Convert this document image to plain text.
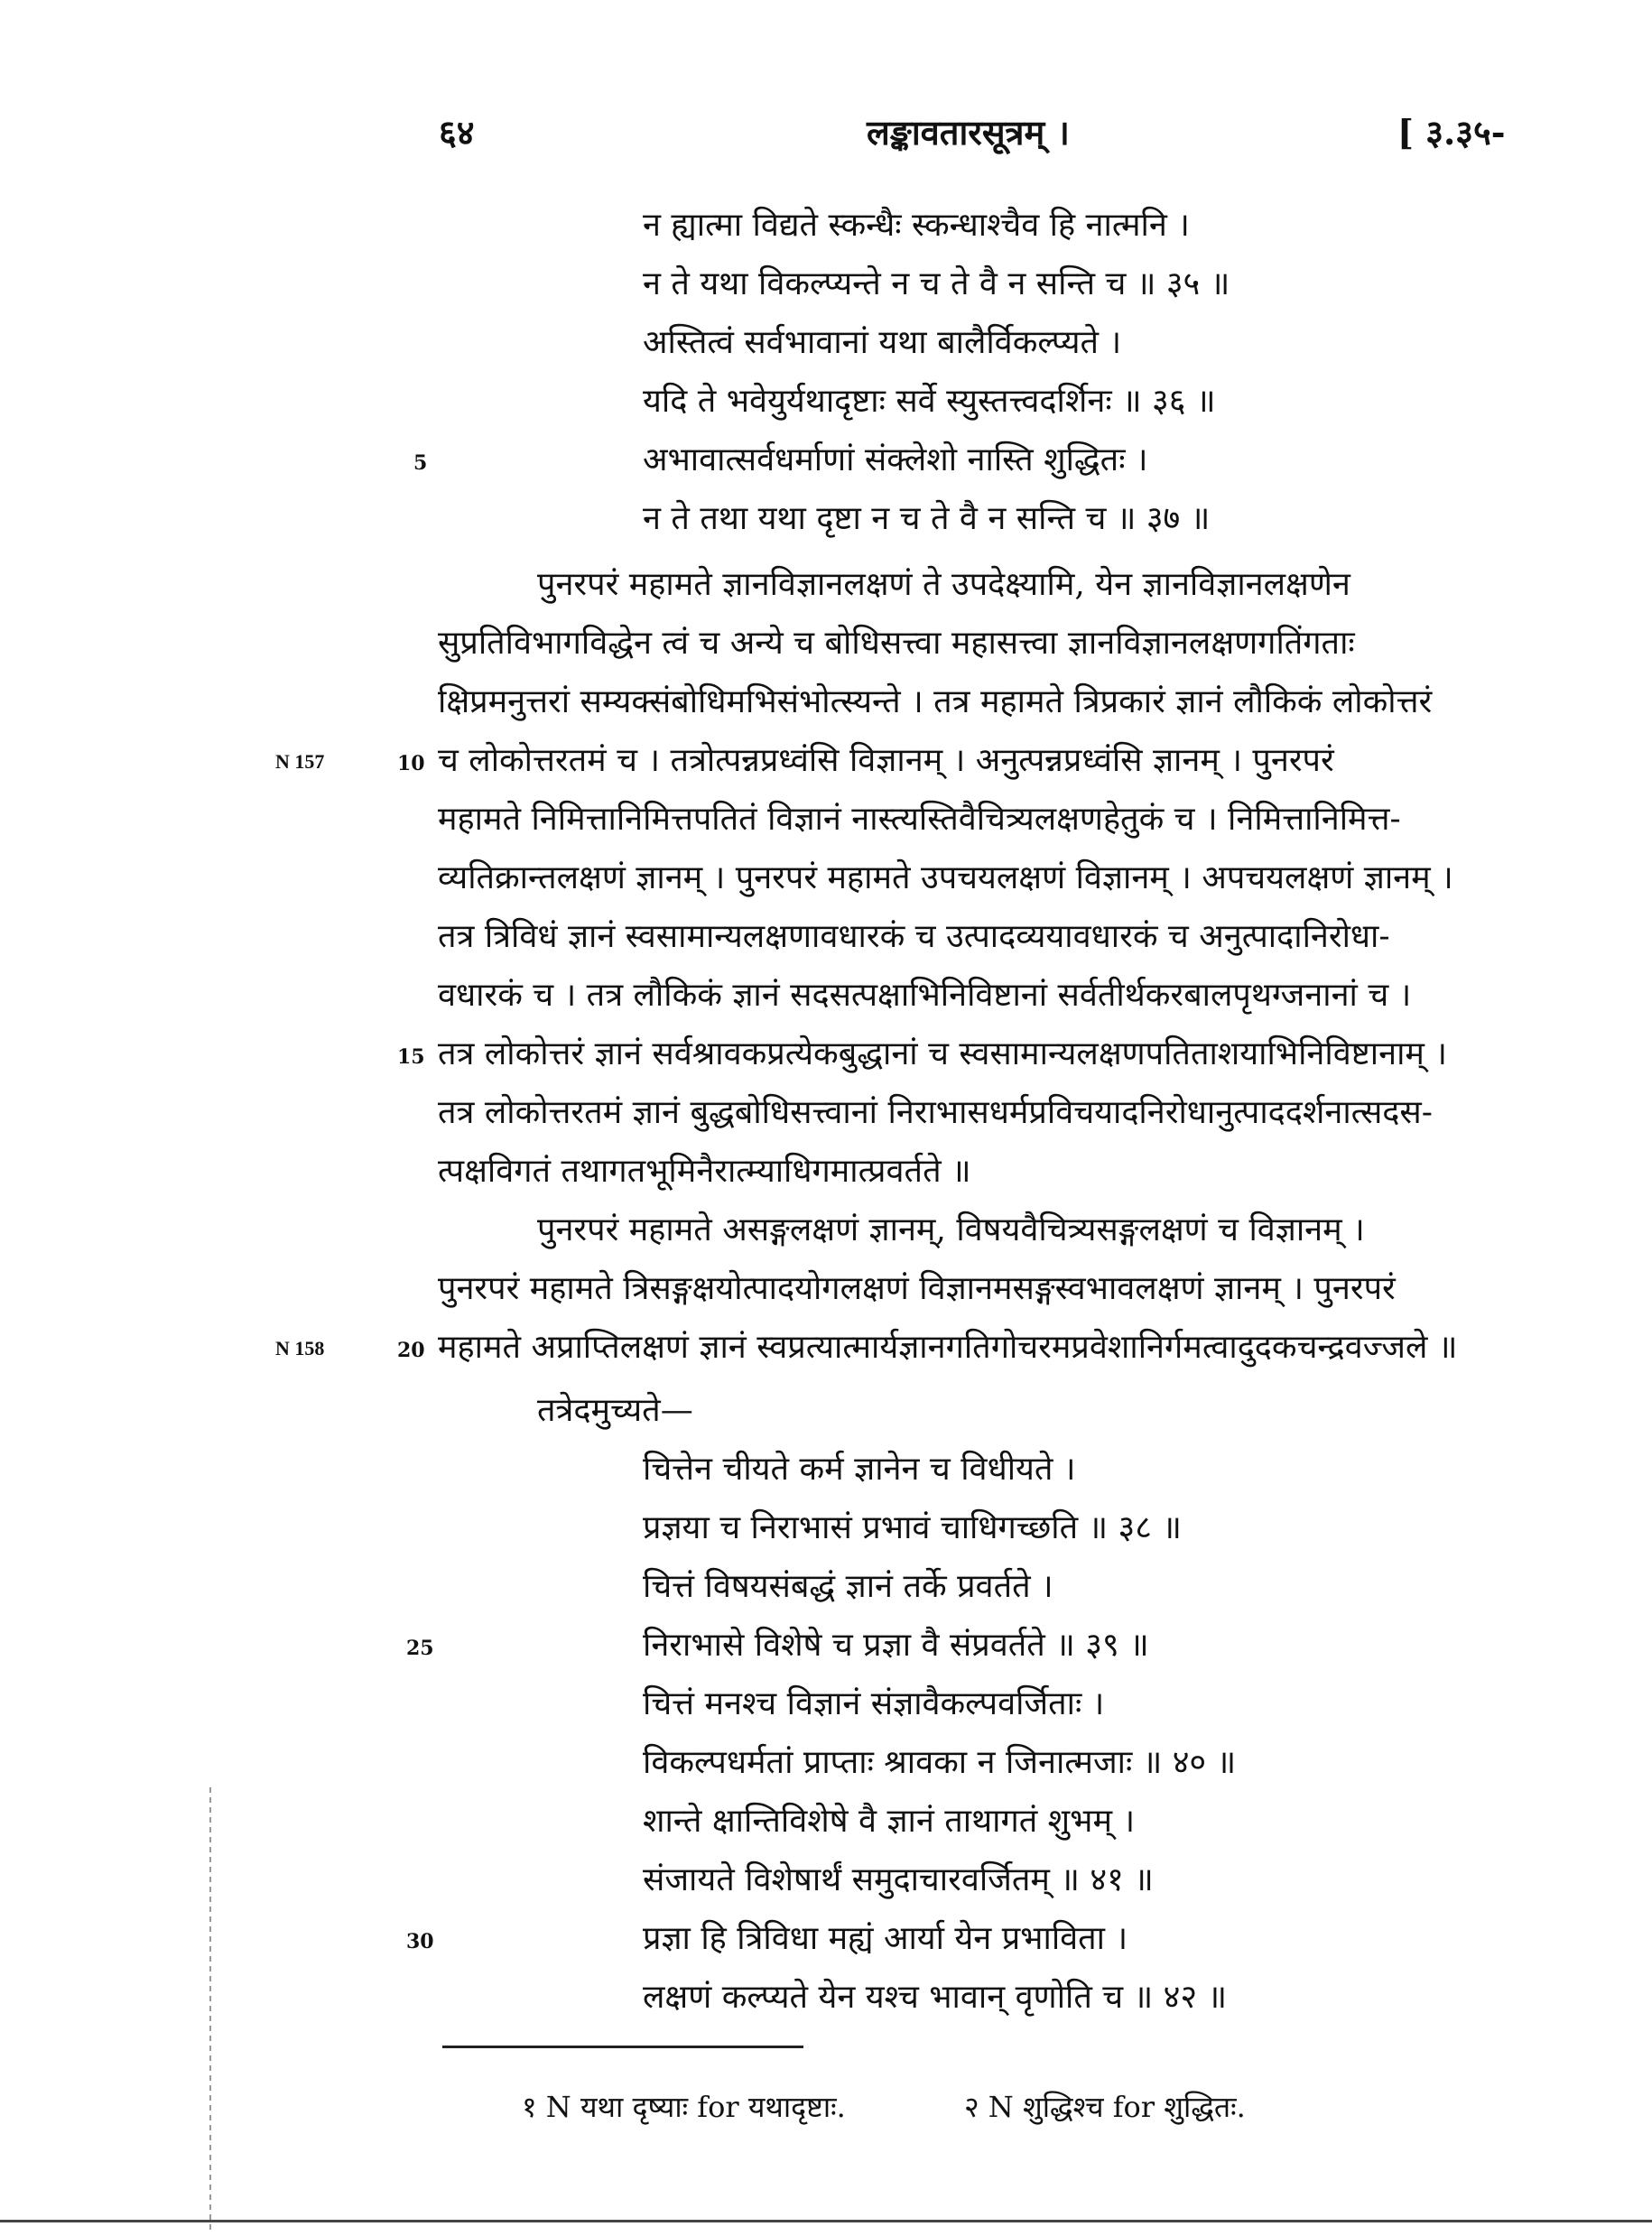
६४	लङ्कावतारसूत्रम् ।	[ ३.३५-
न ह्यात्मा विद्यते स्कन्धैः स्कन्धाश्चैव हि नात्मनि ।
न ते यथा विकल्प्यन्ते न च ते वै न सन्ति च ॥ ३५ ॥
अस्तित्वं सर्वभावानां यथा बालैर्विकल्प्यते ।
यदि ते भवेयुर्यथादृष्टाः सर्वे स्युस्तत्त्वदर्शिनः ॥ ३६ ॥
5	अभावात्सर्वधर्माणां संक्लेशो नास्ति शुद्धितः ।
न ते तथा यथा दृष्टा न च ते वै न सन्ति च ॥ ३७ ॥
पुनरपरं महामते ज्ञानविज्ञानलक्षणं ते उपदेक्ष्यामि, येन ज्ञानविज्ञानलक्षणेन
सुप्रतिविभागविद्धेन त्वं च अन्ये च बोधिसत्त्वा महासत्त्वा ज्ञानविज्ञानलक्षणगतिंगताः
क्षिप्रमनुत्तरां सम्यक्संबोधिमभिसंभोत्स्यन्ते । तत्र महामते त्रिप्रकारं ज्ञानं लौकिकं लोकोत्तरं
N 157	10 च लोकोत्तरतमं च । तत्रोत्पन्नप्रध्वंसि विज्ञानम् । अनुत्पन्नप्रध्वंसि ज्ञानम् । पुनरपरं
महामते निमित्तानिमित्तपतितं विज्ञानं नास्त्यस्तिवैचित्र्यलक्षणहेतुकं च । निमित्तानिमित्त-
व्यतिक्रान्तलक्षणं ज्ञानम् । पुनरपरं महामते उपचयलक्षणं विज्ञानम् । अपचयलक्षणं ज्ञानम् ।
तत्र त्रिविधं ज्ञानं स्वसामान्यलक्षणावधारकं च उत्पादव्ययावधारकं च अनुत्पादानिरोधा-
वधारकं च । तत्र लौकिकं ज्ञानं सदसत्पक्षाभिनिविष्टानां सर्वतीर्थकरबालपृथग्जनानां च ।
15 तत्र लोकोत्तरं ज्ञानं सर्वश्रावकप्रत्येकबुद्धानां च स्वसामान्यलक्षणपतिताशयाभिनिविष्टानाम् ।
तत्र लोकोत्तरतमं ज्ञानं बुद्धबोधिसत्त्वानां निराभासधर्मप्रविचयादनिरोधानुत्पाददर्शनात्सदस-
त्पक्षविगतं तथागतभूमिनैरात्म्याधिगमात्प्रवर्तते ॥
पुनरपरं महामते असङ्गलक्षणं ज्ञानम्, विषयवैचित्र्यसङ्गलक्षणं च विज्ञानम् ।
पुनरपरं महामते त्रिसङ्गक्षयोत्पादयोगलक्षणं विज्ञानमसङ्गस्वभावलक्षणं ज्ञानम् । पुनरपरं
N 158	20 महामते अप्राप्तिलक्षणं ज्ञानं स्वप्रत्यात्मार्यज्ञानगतिगोचरमप्रवेशानिर्गमत्वादुदकचन्द्रवज्जले ॥
तत्रेदमुच्यते—
चित्तेन चीयते कर्म ज्ञानेन च विधीयते ।
प्रज्ञया च निराभासं प्रभावं चाधिगच्छति ॥ ३८ ॥
चित्तं विषयसंबद्धं ज्ञानं तर्के प्रवर्तते ।
25	निराभासे विशेषे च प्रज्ञा वै संप्रवर्तते ॥ ३९ ॥
चित्तं मनश्च विज्ञानं संज्ञावैकल्पवर्जिताः ।
विकल्पधर्मतां प्राप्ताः श्रावका न जिनात्मजाः ॥ ४० ॥
शान्ते क्षान्तिविशेषे वै ज्ञानं ताथागतं शुभम् ।
संजायते विशेषार्थं समुदाचारवर्जितम् ॥ ४१ ॥
30	प्रज्ञा हि त्रिविधा मह्यं आर्या येन प्रभाविता ।
लक्षणं कल्प्यते येन यश्च भावान् वृणोति च ॥ ४२ ॥
१ N यथा दृष्याः for यथादृष्टाः.	२ N शुद्धिश्च for शुद्धितः.
